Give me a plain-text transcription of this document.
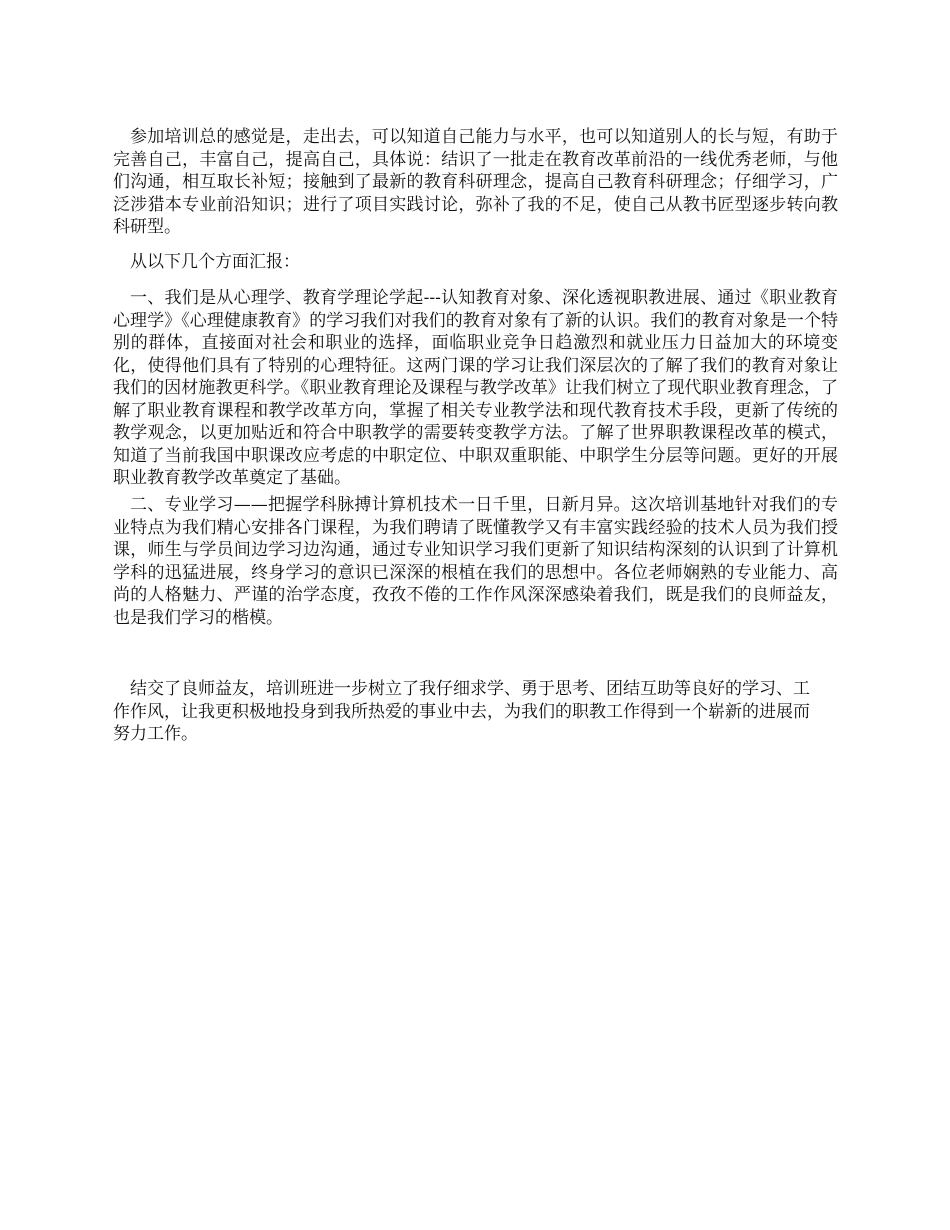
参加培训总的感觉是，走出去，可以知道自己能力与水平，也可以知道别人的长与短，有助于完善自己，丰富自己，提高自己，具体说：结识了一批走在教育改革前沿的一线优秀老师，与他们沟通，相互取长补短；接触到了最新的教育科研理念，提高自己教育科研理念；仔细学习，广泛涉猎本专业前沿知识；进行了项目实践讨论，弥补了我的不足，使自己从教书匠型逐步转向教科研型。

从以下几个方面汇报：

一、我们是从心理学、教育学理论学起---认知教育对象、深化透视职教进展、通过《职业教育心理学》《心理健康教育》的学习我们对我们的教育对象有了新的认识。我们的教育对象是一个特别的群体，直接面对社会和职业的选择，面临职业竞争日趋激烈和就业压力日益加大的环境变化，使得他们具有了特别的心理特征。这两门课的学习让我们深层次的了解了我们的教育对象让我们的因材施教更科学。《职业教育理论及课程与教学改革》让我们树立了现代职业教育理念，了解了职业教育课程和教学改革方向，掌握了相关专业教学法和现代教育技术手段，更新了传统的教学观念，以更加贴近和符合中职教学的需要转变教学方法。了解了世界职教课程改革的模式，知道了当前我国中职课改应考虑的中职定位、中职双重职能、中职学生分层等问题。更好的开展职业教育教学改革奠定了基础。

二、专业学习——把握学科脉搏计算机技术一日千里，日新月异。这次培训基地针对我们的专业特点为我们精心安排各门课程，为我们聘请了既懂教学又有丰富实践经验的技术人员为我们授课，师生与学员间边学习边沟通，通过专业知识学习我们更新了知识结构深刻的认识到了计算机学科的迅猛进展，终身学习的意识已深深的根植在我们的思想中。各位老师娴熟的专业能力、高尚的人格魅力、严谨的治学态度，孜孜不倦的工作作风深深感染着我们，既是我们的良师益友，也是我们学习的楷模。

结交了良师益友，培训班进一步树立了我仔细求学、勇于思考、团结互助等良好的学习、工作作风，让我更积极地投身到我所热爱的事业中去，为我们的职教工作得到一个崭新的进展而努力工作。
